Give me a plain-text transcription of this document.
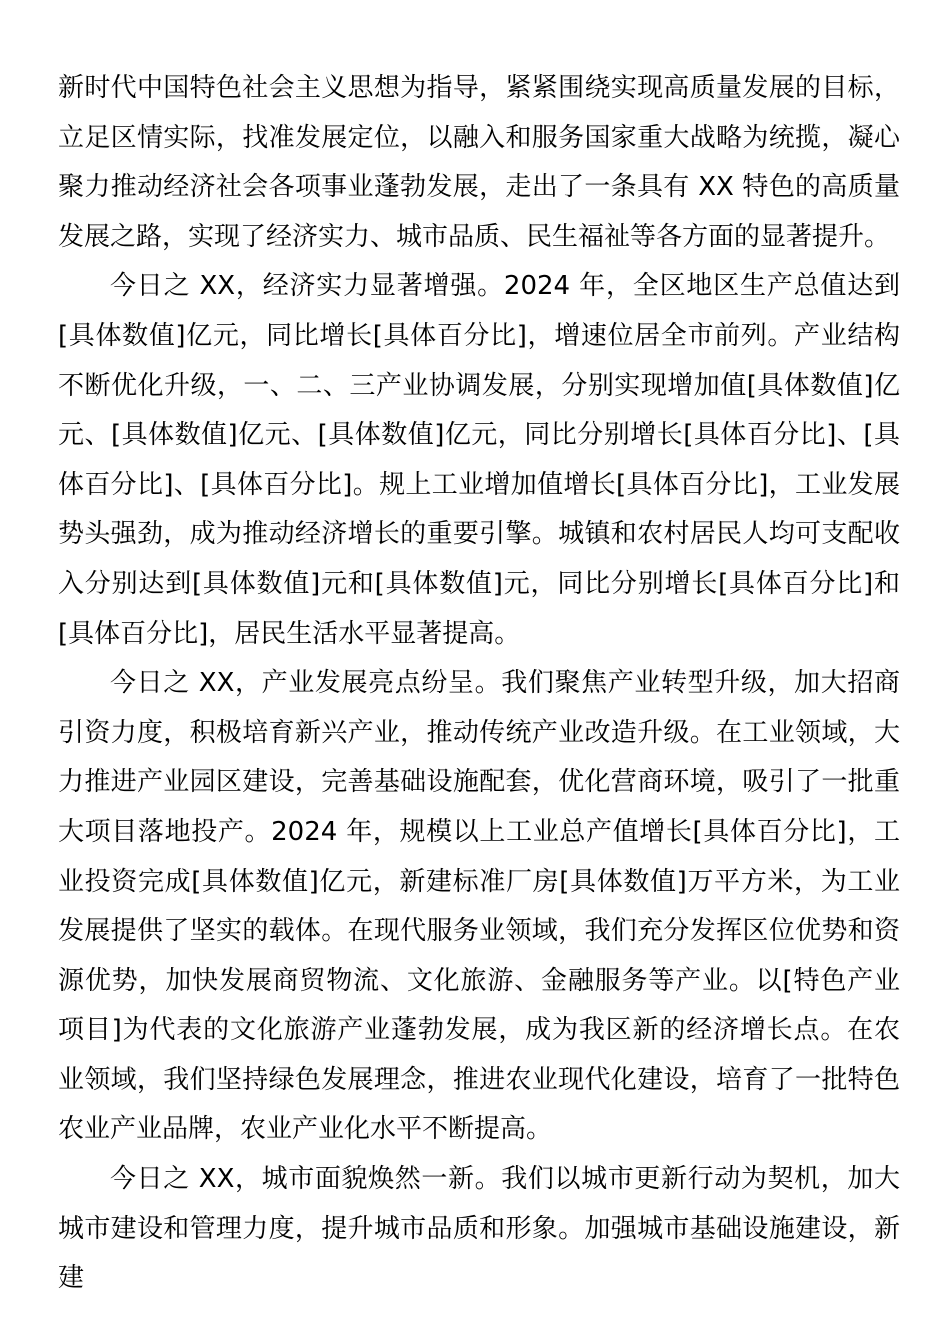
新时代中国特色社会主义思想为指导，紧紧围绕实现高质量发展的目标，立足区情实际，找准发展定位，以融入和服务国家重大战略为统揽，凝心聚力推动经济社会各项事业蓬勃发展，走出了一条具有 XX 特色的高质量发展之路，实现了经济实力、城市品质、民生福祉等各方面的显著提升。

今日之 XX，经济实力显著增强。2024 年，全区地区生产总值达到[具体数值]亿元，同比增长[具体百分比]，增速位居全市前列。产业结构不断优化升级，一、二、三产业协调发展，分别实现增加值[具体数值]亿元、[具体数值]亿元、[具体数值]亿元，同比分别增长[具体百分比]、[具体百分比]、[具体百分比]。规上工业增加值增长[具体百分比]，工业发展势头强劲，成为推动经济增长的重要引擎。城镇和农村居民人均可支配收入分别达到[具体数值]元和[具体数值]元，同比分别增长[具体百分比]和[具体百分比]，居民生活水平显著提高。

今日之 XX，产业发展亮点纷呈。我们聚焦产业转型升级，加大招商引资力度，积极培育新兴产业，推动传统产业改造升级。在工业领域，大力推进产业园区建设，完善基础设施配套，优化营商环境，吸引了一批重大项目落地投产。2024 年，规模以上工业总产值增长[具体百分比]，工业投资完成[具体数值]亿元，新建标准厂房[具体数值]万平方米，为工业发展提供了坚实的载体。在现代服务业领域，我们充分发挥区位优势和资源优势，加快发展商贸物流、文化旅游、金融服务等产业。以[特色产业项目]为代表的文化旅游产业蓬勃发展，成为我区新的经济增长点。在农业领域，我们坚持绿色发展理念，推进农业现代化建设，培育了一批特色农业产业品牌，农业产业化水平不断提高。

今日之 XX，城市面貌焕然一新。我们以城市更新行动为契机，加大城市建设和管理力度，提升城市品质和形象。加强城市基础设施建设，新建
